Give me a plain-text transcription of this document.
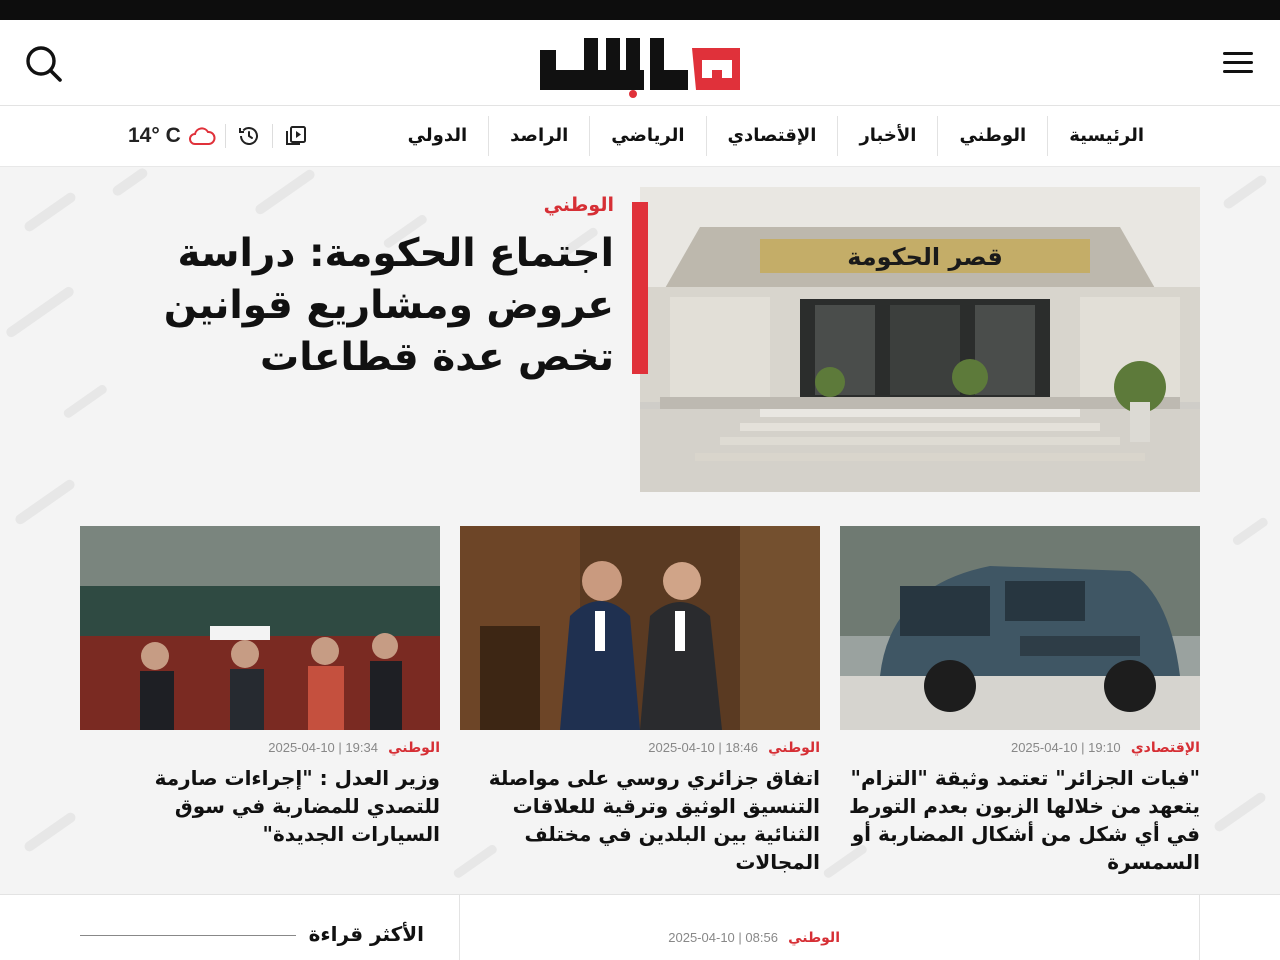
البلاد
الرئيسية
الوطني
الأخبار
الإقتصادي
الرياضي
الراصد
الدولي
14° C
قصر الحكومة
الوطني
اجتماع الحكومة: دراسة عروض ومشاريع قوانين تخص عدة قطاعات
الإقتصادي 19:10 | 10-04-2025
"فيات الجزائر" تعتمد وثيقة "التزام" يتعهد من خلالها الزبون بعدم التورط في أي شكل من أشكال المضاربة أو السمسرة
الوطني 18:46 | 10-04-2025
اتفاق جزائري روسي على مواصلة التنسيق الوثيق وترقية للعلاقات الثنائية بين البلدين في مختلف المجالات
الوطني 19:34 | 10-04-2025
وزير العدل : "إجراءات صارمة للتصدي للمضاربة في سوق السيارات الجديدة"
الأكثر قراءة	الوطني 08:56 | 10-04-2025
